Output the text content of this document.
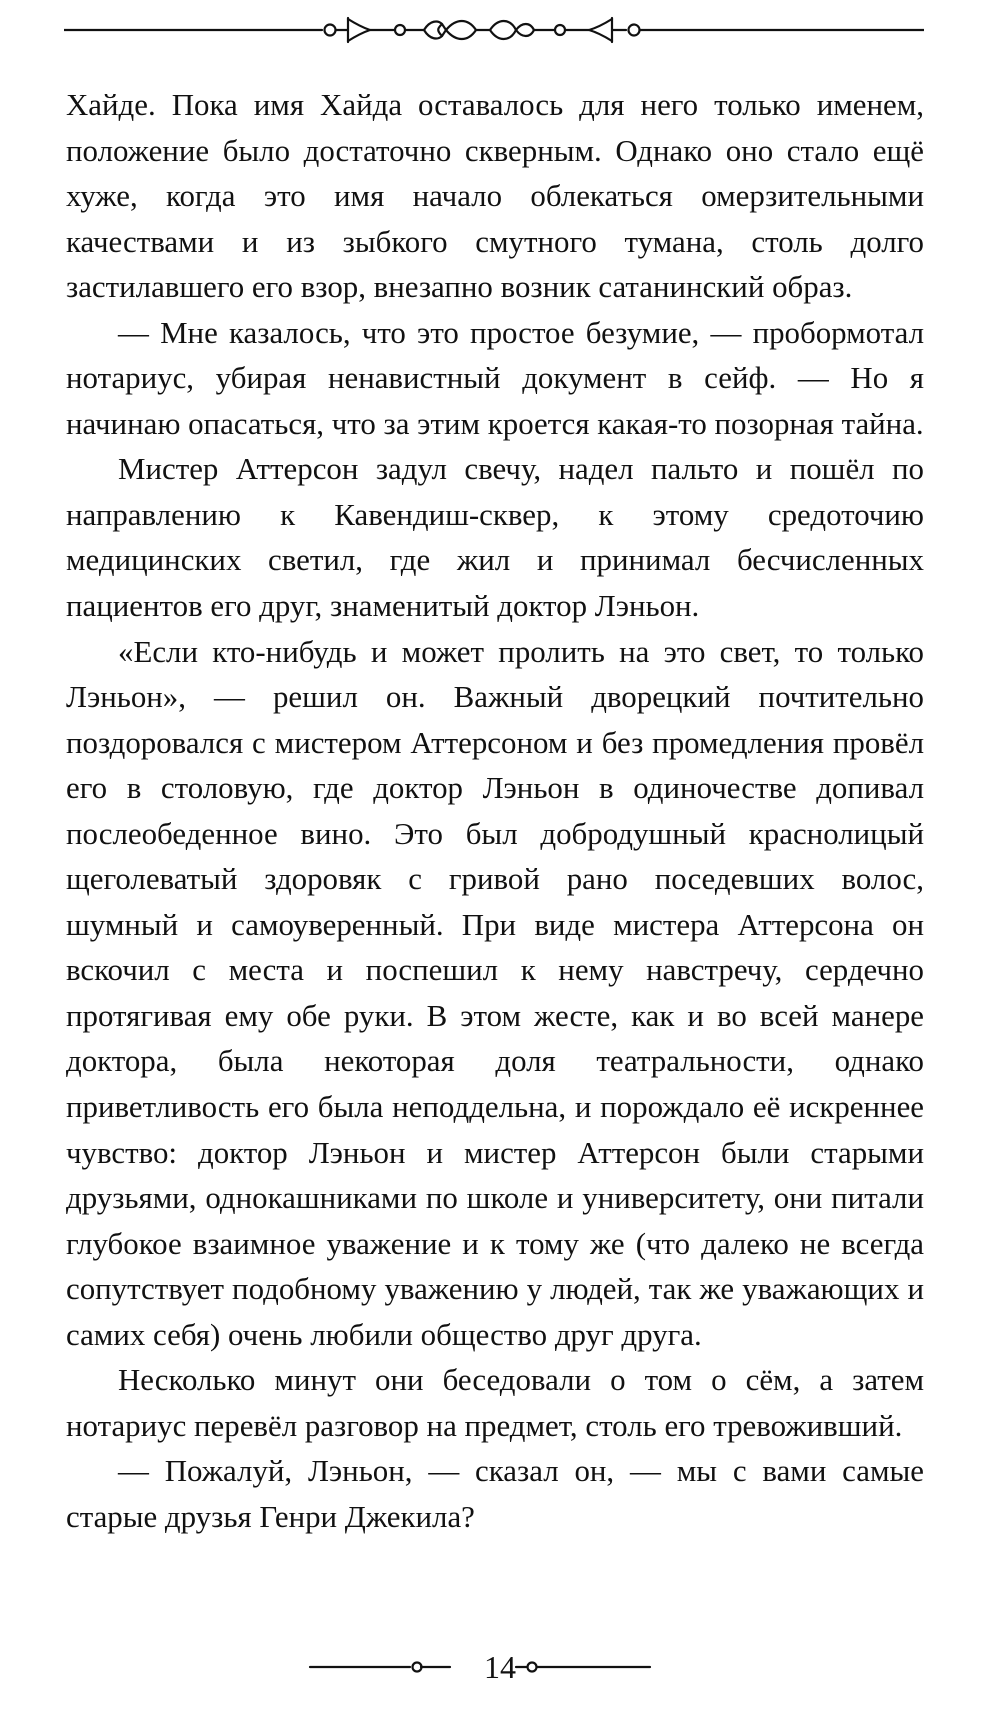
Хайде. Пока имя Хайда оставалось для него только именем, положение было достаточно скверным. Однако оно стало ещё хуже, когда это имя начало облекаться омерзительными качествами и из зыбкого смутного тумана, столь долго застилавшего его взор, внезапно возник сатанинский образ.

— Мне казалось, что это простое безумие, — пробормотал нотариус, убирая ненавистный документ в сейф. — Но я начинаю опасаться, что за этим кроется какая-то позорная тайна.

Мистер Аттерсон задул свечу, надел пальто и пошёл по направлению к Кавендиш-сквер, к этому средоточию медицинских светил, где жил и принимал бесчисленных пациентов его друг, знаменитый доктор Лэньон.

«Если кто-нибудь и может пролить на это свет, то только Лэньон», — решил он. Важный дворецкий почтительно поздоровался с мистером Аттерсоном и без промедления провёл его в столовую, где доктор Лэньон в одиночестве допивал послеобеденное вино. Это был добродушный краснолицый щеголеватый здоровяк с гривой рано поседевших волос, шумный и самоуверенный. При виде мистера Аттерсона он вскочил с места и поспешил к нему навстречу, сердечно протягивая ему обе руки. В этом жесте, как и во всей манере доктора, была некоторая доля театральности, однако приветливость его была неподдельна, и порождало её искреннее чувство: доктор Лэньон и мистер Аттерсон были старыми друзьями, однокашниками по школе и университету, они питали глубокое взаимное уважение и к тому же (что далеко не всегда сопутствует подобному уважению у людей, так же уважающих и самих себя) очень любили общество друг друга.

Несколько минут они беседовали о том о сём, а затем нотариус перевёл разговор на предмет, столь его тревоживший.

— Пожалуй, Лэньон, — сказал он, — мы с вами самые старые друзья Генри Джекила?

14
